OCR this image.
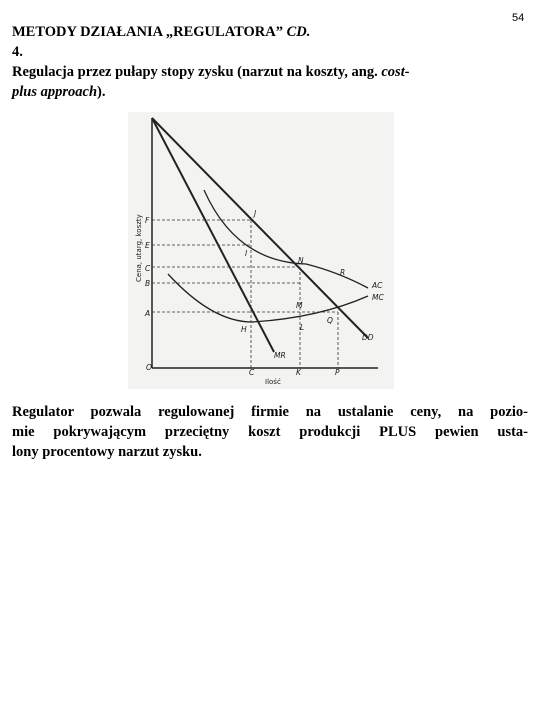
54
METODY DZIAŁANIA „REGULATORA” CD.
4.
Regulacja przez pułapy stopy zysku (narzut na koszty, ang. cost-
plus approach).
Cena, utarg, koszty
Ilość
O
F
E
C
B
A
C	K	P
J
I
N
R
M
Q
H	L
AC
MC
DD
MR
Regulator pozwala regulowanej firmie na ustalanie ceny, na pozio-
mie pokrywającym przeciętny koszt produkcji PLUS pewien usta-
lony procentowy narzut zysku.
